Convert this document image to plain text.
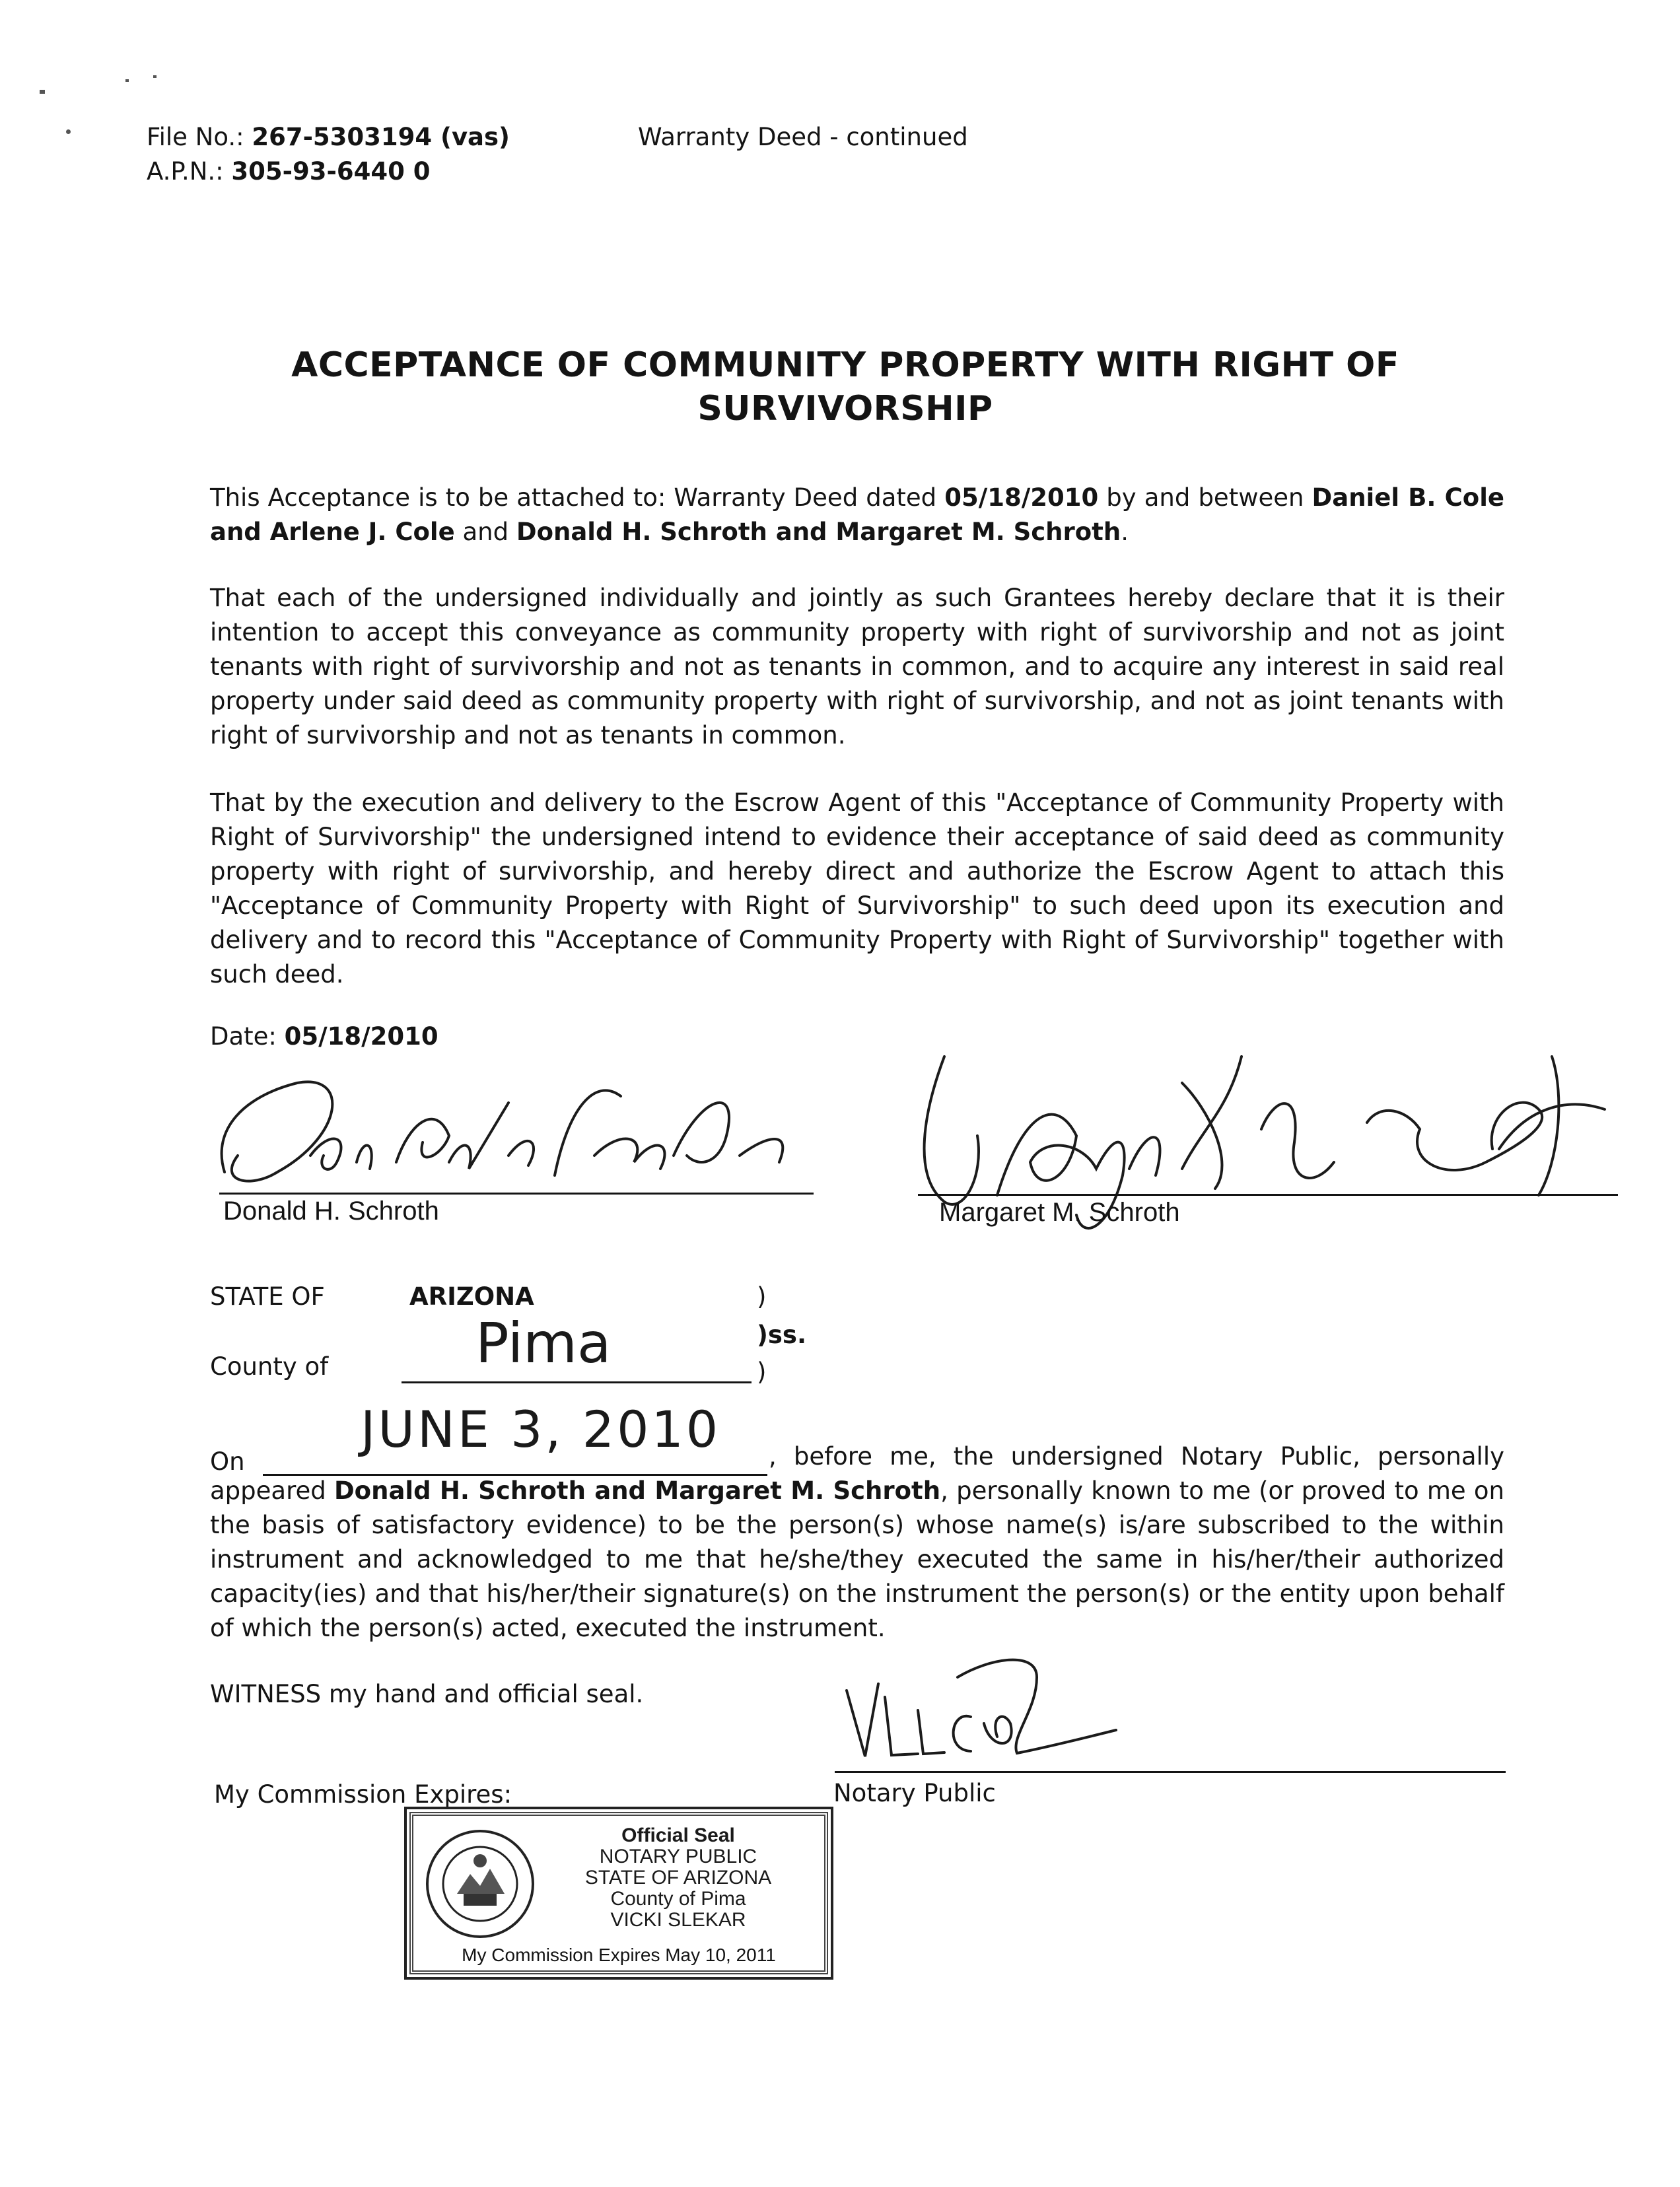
File No.: 267-5303194 (vas)
A.P.N.: 305-93-6440 0
Warranty Deed - continued
ACCEPTANCE OF COMMUNITY PROPERTY WITH RIGHT OF
SURVIVORSHIP
This Acceptance is to be attached to: Warranty Deed dated 05/18/2010 by and between Daniel B. Cole and Arlene J. Cole and Donald H. Schroth and Margaret M. Schroth.
That each of the undersigned individually and jointly as such Grantees hereby declare that it is their intention to accept this conveyance as community property with right of survivorship and not as joint tenants with right of survivorship and not as tenants in common, and to acquire any interest in said real property under said deed as community property with right of survivorship, and not as joint tenants with right of survivorship and not as tenants in common.
That by the execution and delivery to the Escrow Agent of this "Acceptance of Community Property with Right of Survivorship" the undersigned intend to evidence their acceptance of said deed as community property with right of survivorship, and hereby direct and authorize the Escrow Agent to attach this "Acceptance of Community Property with Right of Survivorship" to such deed upon its execution and delivery and to record this "Acceptance of Community Property with Right of Survivorship" together with such deed.
Date: 05/18/2010
Donald H. Schroth	Margaret M. Schroth
STATE OF	ARIZONA	)
)ss.
County of	Pima	)
JUNE 3, 2010
On	, before me, the undersigned Notary Public, personally appeared Donald H. Schroth and Margaret M. Schroth, personally known to me (or proved to me on the basis of satisfactory evidence) to be the person(s) whose name(s) is/are subscribed to the within instrument and acknowledged to me that he/she/they executed the same in his/her/their authorized capacity(ies) and that his/her/their signature(s) on the instrument the person(s) or the entity upon behalf of which the person(s) acted, executed the instrument.
WITNESS my hand and official seal.
My Commission Expires:	Notary Public
Official Seal
NOTARY PUBLIC
STATE OF ARIZONA
County of Pima
VICKI SLEKAR
My Commission Expires May 10, 2011
